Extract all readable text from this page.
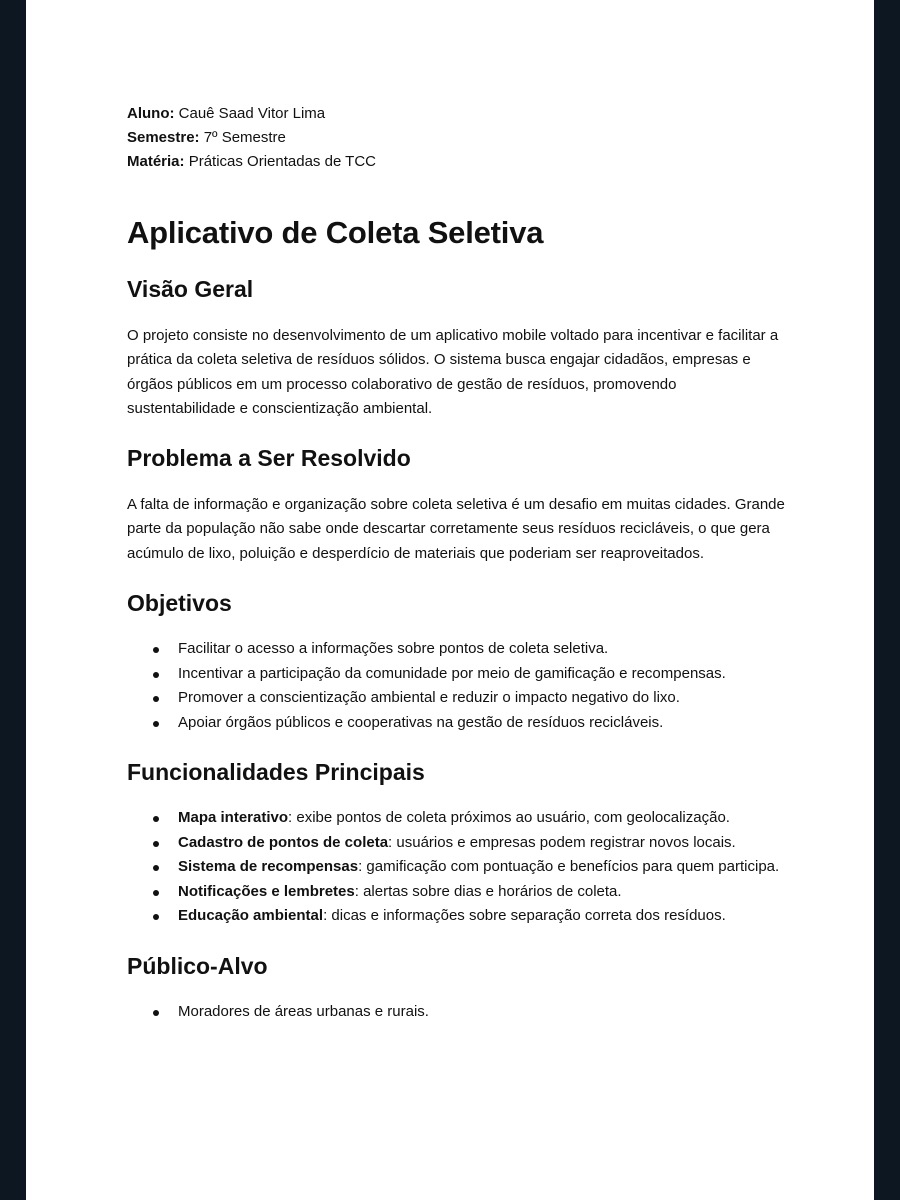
Aluno: Cauê Saad Vitor Lima

Semestre: 7º Semestre

Matéria: Práticas Orientadas de TCC

Aplicativo de Coleta Seletiva
Visão Geral

O projeto consiste no desenvolvimento de um aplicativo mobile voltado para incentivar e facilitar a prática da coleta seletiva de resíduos sólidos. O sistema busca engajar cidadãos, empresas e órgãos públicos em um processo colaborativo de gestão de resíduos, promovendo sustentabilidade e conscientização ambiental.

Problema a Ser Resolvido

A falta de informação e organização sobre coleta seletiva é um desafio em muitas cidades. Grande parte da população não sabe onde descartar corretamente seus resíduos recicláveis, o que gera acúmulo de lixo, poluição e desperdício de materiais que poderiam ser reaproveitados.

Objetivos
Facilitar o acesso a informações sobre pontos de coleta seletiva.
Incentivar a participação da comunidade por meio de gamificação e recompensas.
Promover a conscientização ambiental e reduzir o impacto negativo do lixo.
Apoiar órgãos públicos e cooperativas na gestão de resíduos recicláveis.
Funcionalidades Principais
Mapa interativo: exibe pontos de coleta próximos ao usuário, com geolocalização.
Cadastro de pontos de coleta: usuários e empresas podem registrar novos locais.
Sistema de recompensas: gamificação com pontuação e benefícios para quem participa.
Notificações e lembretes: alertas sobre dias e horários de coleta.
Educação ambiental: dicas e informações sobre separação correta dos resíduos.
Público-Alvo
Moradores de áreas urbanas e rurais.
